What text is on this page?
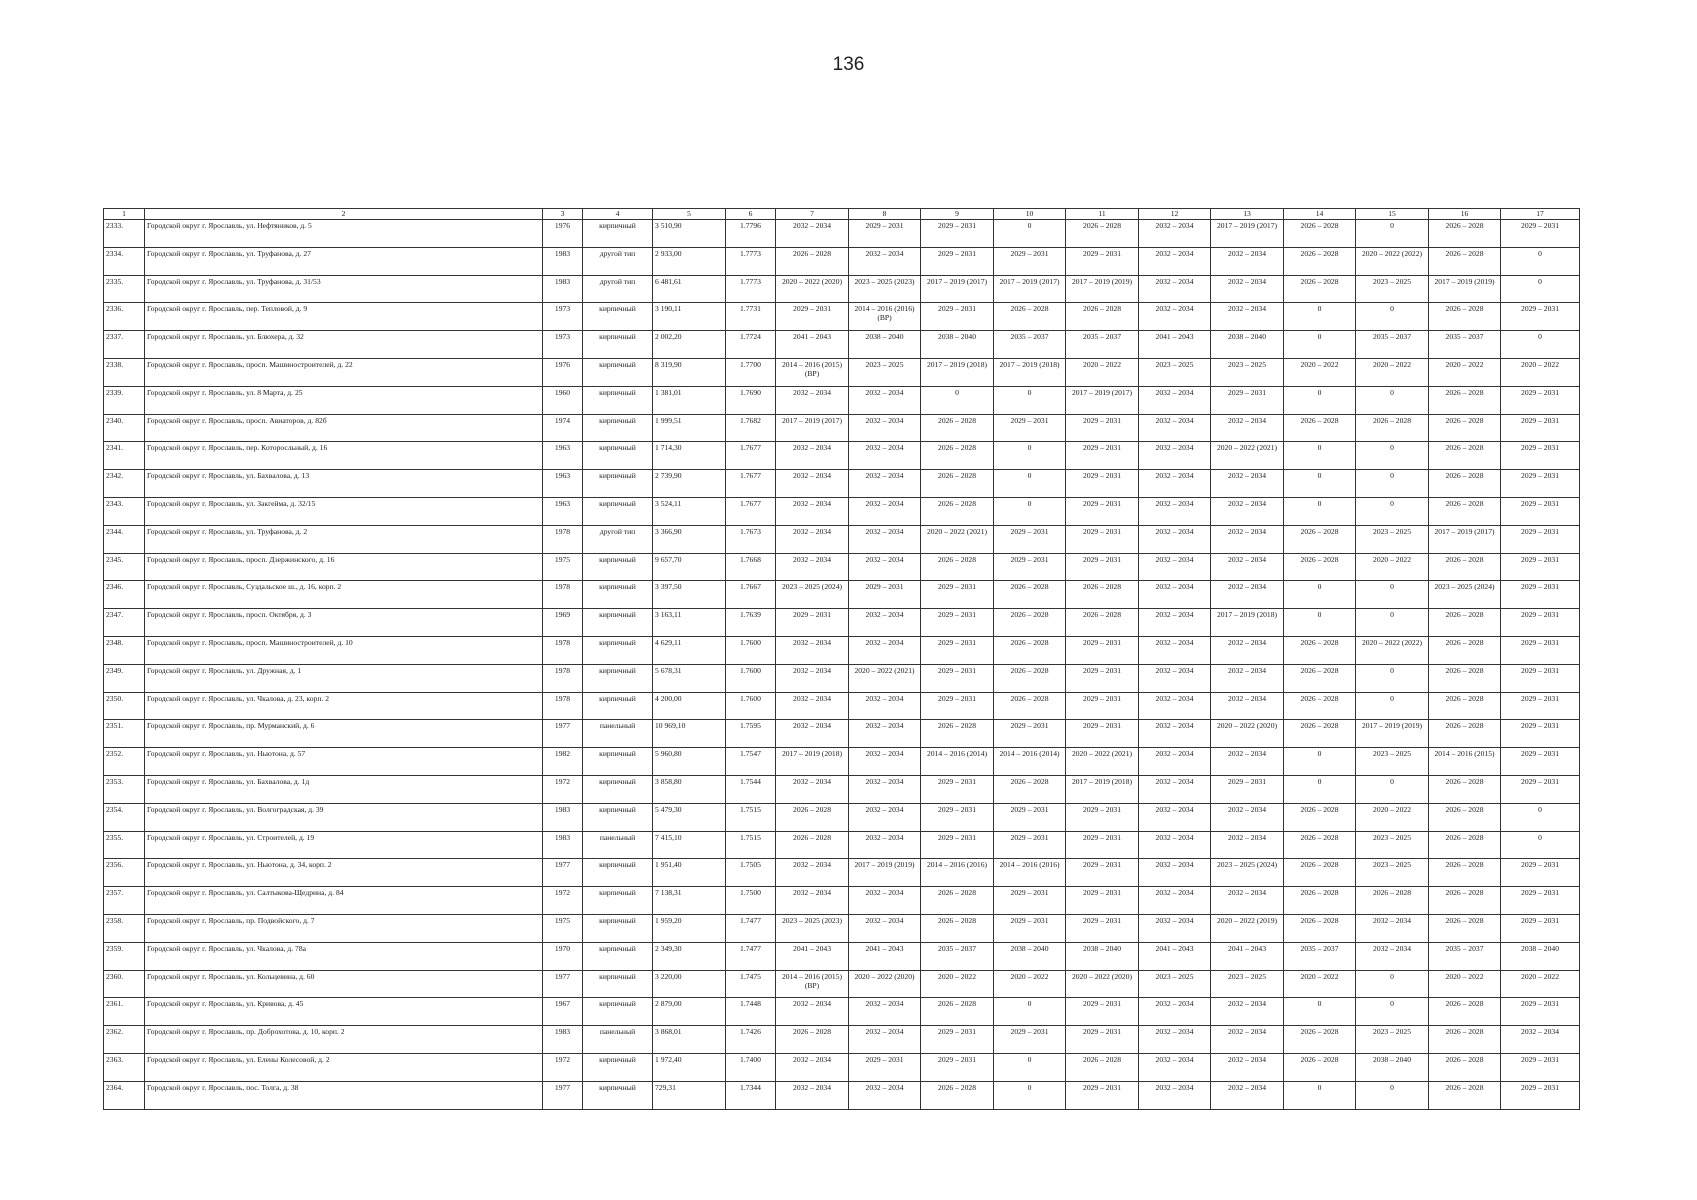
136
1	2	3	4	5	6	7	8	9	10	11	12	13	14	15	16	17
2333.	Городской округ г. Ярославль, ул. Нефтяников, д. 5	1976	кирпичный	3 510,90	1.7796	2032 – 2034	2029 – 2031	2029 – 2031	0	2026 – 2028	2032 – 2034	2017 – 2019 (2017)	2026 – 2028	0	2026 – 2028	2029 – 2031
2334.	Городской округ г. Ярославль, ул. Труфанова, д. 27	1983	другой тип	2 933,00	1.7773	2026 – 2028	2032 – 2034	2029 – 2031	2029 – 2031	2029 – 2031	2032 – 2034	2032 – 2034	2026 – 2028	2020 – 2022 (2022)	2026 – 2028	0
2335.	Городской округ г. Ярославль, ул. Труфанова, д. 31/53	1983	другой тип	6 481,61	1.7773	2020 – 2022 (2020)	2023 – 2025 (2023)	2017 – 2019 (2017)	2017 – 2019 (2017)	2017 – 2019 (2019)	2032 – 2034	2032 – 2034	2026 – 2028	2023 – 2025	2017 – 2019 (2019)	0
2336.	Городской округ г. Ярославль, пер. Тепловой, д. 9	1973	кирпичный	3 190,11	1.7731	2029 – 2031	2014 – 2016 (2016) (ВР)	2029 – 2031	2026 – 2028	2026 – 2028	2032 – 2034	2032 – 2034	0	0	2026 – 2028	2029 – 2031
2337.	Городской округ г. Ярославль, ул. Блюхера, д. 32	1973	кирпичный	2 002,20	1.7724	2041 – 2043	2038 – 2040	2038 – 2040	2035 – 2037	2035 – 2037	2041 – 2043	2038 – 2040	0	2035 – 2037	2035 – 2037	0
2338.	Городской округ г. Ярославль, просп. Машиностроителей, д. 22	1976	кирпичный	8 319,90	1.7700	2014 – 2016 (2015) (ВР)	2023 – 2025	2017 – 2019 (2018)	2017 – 2019 (2018)	2020 – 2022	2023 – 2025	2023 – 2025	2020 – 2022	2020 – 2022	2020 – 2022	2020 – 2022
2339.	Городской округ г. Ярославль, ул. 8 Марта, д. 25	1960	кирпичный	1 381,01	1.7690	2032 – 2034	2032 – 2034	0	0	2017 – 2019 (2017)	2032 – 2034	2029 – 2031	0	0	2026 – 2028	2029 – 2031
2340.	Городской округ г. Ярославль, просп. Авиаторов, д. 82б	1974	кирпичный	1 999,51	1.7682	2017 – 2019 (2017)	2032 – 2034	2026 – 2028	2029 – 2031	2029 – 2031	2032 – 2034	2032 – 2034	2026 – 2028	2026 – 2028	2026 – 2028	2029 – 2031
2341.	Городской округ г. Ярославль, пер. Которосльный, д. 16	1963	кирпичный	1 714,30	1.7677	2032 – 2034	2032 – 2034	2026 – 2028	0	2029 – 2031	2032 – 2034	2020 – 2022 (2021)	0	0	2026 – 2028	2029 – 2031
2342.	Городской округ г. Ярославль, ул. Бахвалова, д. 13	1963	кирпичный	2 739,90	1.7677	2032 – 2034	2032 – 2034	2026 – 2028	0	2029 – 2031	2032 – 2034	2032 – 2034	0	0	2026 – 2028	2029 – 2031
2343.	Городской округ г. Ярославль, ул. Закгейма, д. 32/15	1963	кирпичный	3 524,11	1.7677	2032 – 2034	2032 – 2034	2026 – 2028	0	2029 – 2031	2032 – 2034	2032 – 2034	0	0	2026 – 2028	2029 – 2031
2344.	Городской округ г. Ярославль, ул. Труфанова, д. 2	1978	другой тип	3 366,90	1.7673	2032 – 2034	2032 – 2034	2020 – 2022 (2021)	2029 – 2031	2029 – 2031	2032 – 2034	2032 – 2034	2026 – 2028	2023 – 2025	2017 – 2019 (2017)	2029 – 2031
2345.	Городской округ г. Ярославль, просп. Дзержинского, д. 16	1975	кирпичный	9 657,70	1.7668	2032 – 2034	2032 – 2034	2026 – 2028	2029 – 2031	2029 – 2031	2032 – 2034	2032 – 2034	2026 – 2028	2020 – 2022	2026 – 2028	2029 – 2031
2346.	Городской округ г. Ярославль, Суздальское ш., д. 16, корп. 2	1978	кирпичный	3 397,50	1.7667	2023 – 2025 (2024)	2029 – 2031	2029 – 2031	2026 – 2028	2026 – 2028	2032 – 2034	2032 – 2034	0	0	2023 – 2025 (2024)	2029 – 2031
2347.	Городской округ г. Ярославль, просп. Октября, д. 3	1969	кирпичный	3 163,11	1.7639	2029 – 2031	2032 – 2034	2029 – 2031	2026 – 2028	2026 – 2028	2032 – 2034	2017 – 2019 (2018)	0	0	2026 – 2028	2029 – 2031
2348.	Городской округ г. Ярославль, просп. Машиностроителей, д. 10	1978	кирпичный	4 629,11	1.7600	2032 – 2034	2032 – 2034	2029 – 2031	2026 – 2028	2029 – 2031	2032 – 2034	2032 – 2034	2026 – 2028	2020 – 2022 (2022)	2026 – 2028	2029 – 2031
2349.	Городской округ г. Ярославль, ул. Дружная, д. 1	1978	кирпичный	5 678,31	1.7600	2032 – 2034	2020 – 2022 (2021)	2029 – 2031	2026 – 2028	2029 – 2031	2032 – 2034	2032 – 2034	2026 – 2028	0	2026 – 2028	2029 – 2031
2350.	Городской округ г. Ярославль, ул. Чкалова, д. 23, корп. 2	1978	кирпичный	4 200,00	1.7600	2032 – 2034	2032 – 2034	2029 – 2031	2026 – 2028	2029 – 2031	2032 – 2034	2032 – 2034	2026 – 2028	0	2026 – 2028	2029 – 2031
2351.	Городской округ г. Ярославль, пр. Мурманский, д. 6	1977	панельный	10 969,10	1.7595	2032 – 2034	2032 – 2034	2026 – 2028	2029 – 2031	2029 – 2031	2032 – 2034	2020 – 2022 (2020)	2026 – 2028	2017 – 2019 (2019)	2026 – 2028	2029 – 2031
2352.	Городской округ г. Ярославль, ул. Ньютона, д. 57	1982	кирпичный	5 960,80	1.7547	2017 – 2019 (2018)	2032 – 2034	2014 – 2016 (2014)	2014 – 2016 (2014)	2020 – 2022 (2021)	2032 – 2034	2032 – 2034	0	2023 – 2025	2014 – 2016 (2015)	2029 – 2031
2353.	Городской округ г. Ярославль, ул. Бахвалова, д. 1д	1972	кирпичный	3 858,80	1.7544	2032 – 2034	2032 – 2034	2029 – 2031	2026 – 2028	2017 – 2019 (2018)	2032 – 2034	2029 – 2031	0	0	2026 – 2028	2029 – 2031
2354.	Городской округ г. Ярославль, ул. Волгоградская, д. 39	1983	кирпичный	5 479,30	1.7515	2026 – 2028	2032 – 2034	2029 – 2031	2029 – 2031	2029 – 2031	2032 – 2034	2032 – 2034	2026 – 2028	2020 – 2022	2026 – 2028	0
2355.	Городской округ г. Ярославль, ул. Строителей, д. 19	1983	панельный	7 415,10	1.7515	2026 – 2028	2032 – 2034	2029 – 2031	2029 – 2031	2029 – 2031	2032 – 2034	2032 – 2034	2026 – 2028	2023 – 2025	2026 – 2028	0
2356.	Городской округ г. Ярославль, ул. Ньютона, д. 34, корп. 2	1977	кирпичный	1 951,40	1.7505	2032 – 2034	2017 – 2019 (2019)	2014 – 2016 (2016)	2014 – 2016 (2016)	2029 – 2031	2032 – 2034	2023 – 2025 (2024)	2026 – 2028	2023 – 2025	2026 – 2028	2029 – 2031
2357.	Городской округ г. Ярославль, ул. Салтыкова-Щедрина, д. 84	1972	кирпичный	7 138,31	1.7500	2032 – 2034	2032 – 2034	2026 – 2028	2029 – 2031	2029 – 2031	2032 – 2034	2032 – 2034	2026 – 2028	2026 – 2028	2026 – 2028	2029 – 2031
2358.	Городской округ г. Ярославль, пр. Подвойского, д. 7	1975	кирпичный	1 959,20	1.7477	2023 – 2025 (2023)	2032 – 2034	2026 – 2028	2029 – 2031	2029 – 2031	2032 – 2034	2020 – 2022 (2019)	2026 – 2028	2032 – 2034	2026 – 2028	2029 – 2031
2359.	Городской округ г. Ярославль, ул. Чкалова, д. 78а	1970	кирпичный	2 349,30	1.7477	2041 – 2043	2041 – 2043	2035 – 2037	2038 – 2040	2038 – 2040	2041 – 2043	2041 – 2043	2035 – 2037	2032 – 2034	2035 – 2037	2038 – 2040
2360.	Городской округ г. Ярославль, ул. Кольцевина, д. 60	1977	кирпичный	3 220,00	1.7475	2014 – 2016 (2015) (ВР)	2020 – 2022 (2020)	2020 – 2022	2020 – 2022	2020 – 2022 (2020)	2023 – 2025	2023 – 2025	2020 – 2022	0	2020 – 2022	2020 – 2022
2361.	Городской округ г. Ярославль, ул. Кривова, д. 45	1967	кирпичный	2 879,00	1.7448	2032 – 2034	2032 – 2034	2026 – 2028	0	2029 – 2031	2032 – 2034	2032 – 2034	0	0	2026 – 2028	2029 – 2031
2362.	Городской округ г. Ярославль, пр. Доброхотова, д. 10, корп. 2	1983	панельный	3 868,01	1.7426	2026 – 2028	2032 – 2034	2029 – 2031	2029 – 2031	2029 – 2031	2032 – 2034	2032 – 2034	2026 – 2028	2023 – 2025	2026 – 2028	2032 – 2034
2363.	Городской округ г. Ярославль, ул. Елены Колесовой, д. 2	1972	кирпичный	1 972,40	1.7400	2032 – 2034	2029 – 2031	2029 – 2031	0	2026 – 2028	2032 – 2034	2032 – 2034	2026 – 2028	2038 – 2040	2026 – 2028	2029 – 2031
2364.	Городской округ г. Ярославль, пос. Толга, д. 38	1977	кирпичный	729,31	1.7344	2032 – 2034	2032 – 2034	2026 – 2028	0	2029 – 2031	2032 – 2034	2032 – 2034	0	0	2026 – 2028	2029 – 2031
